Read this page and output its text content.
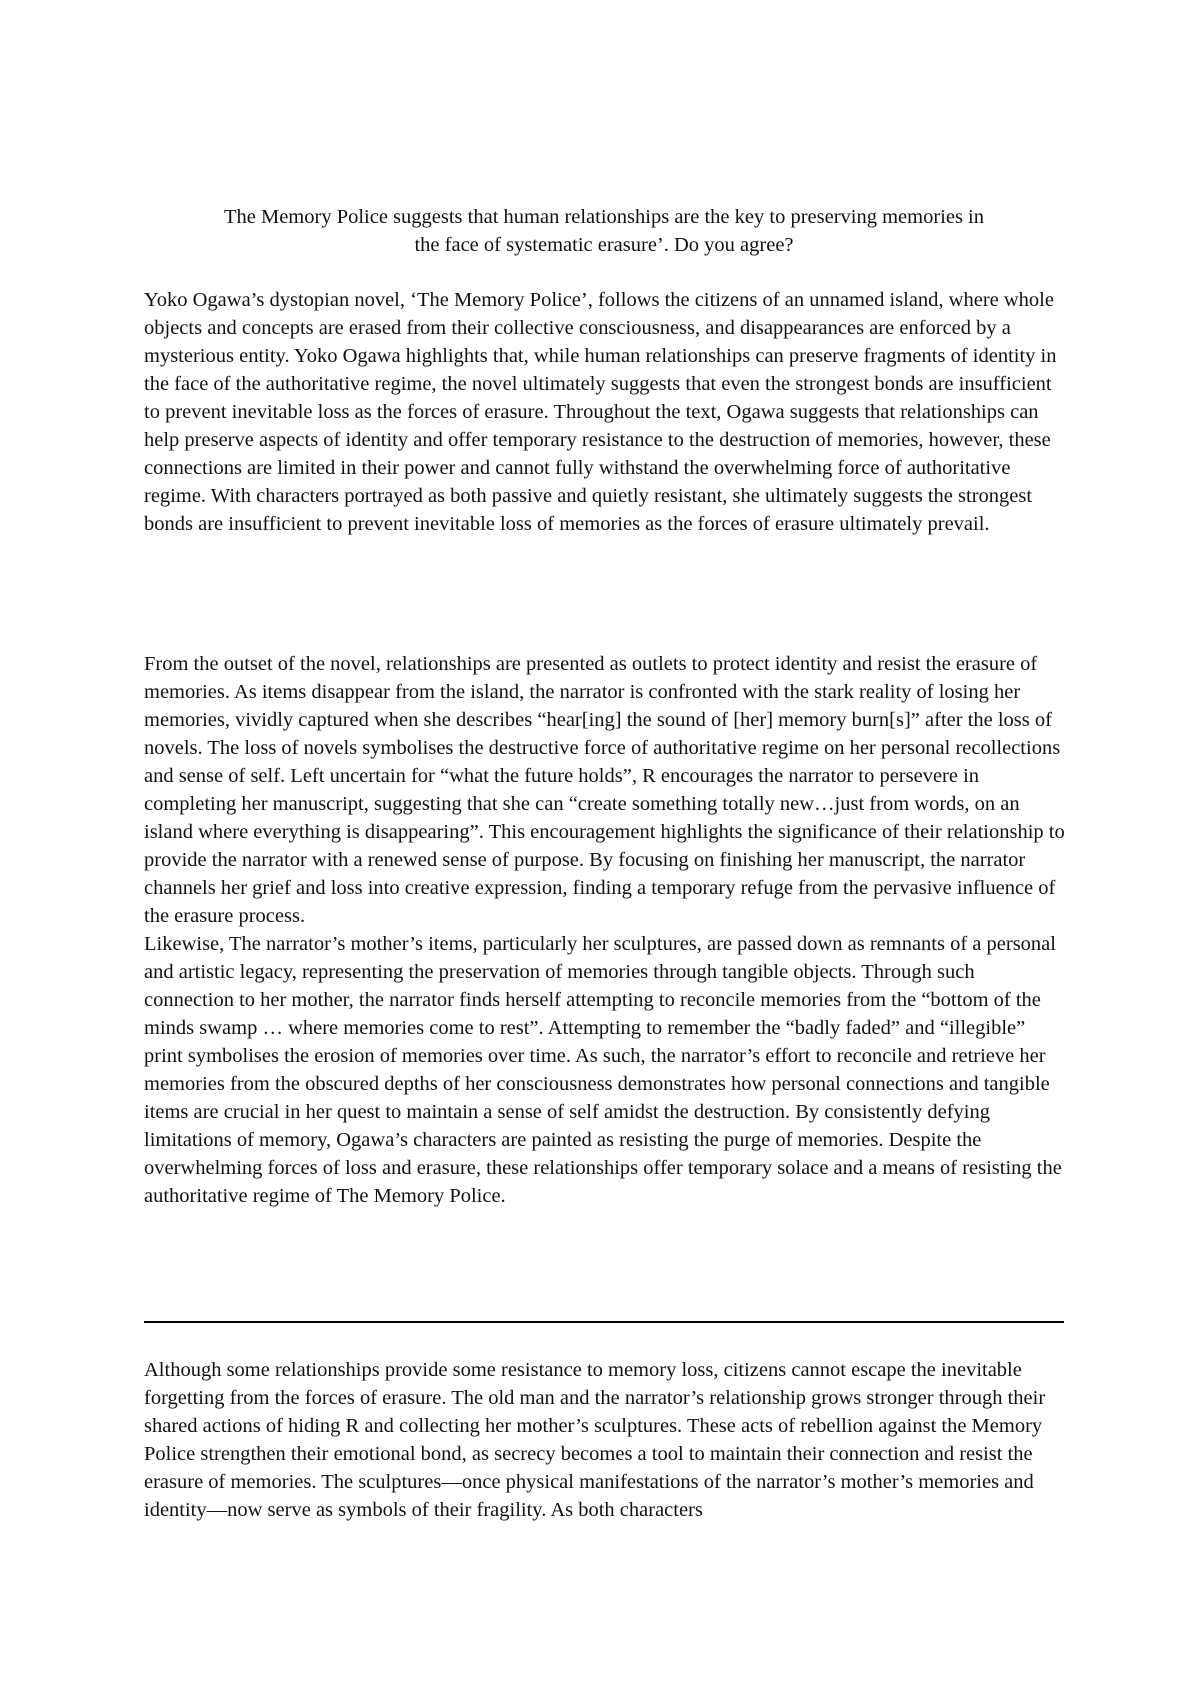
The Memory Police suggests that human relationships are the key to preserving memories in
the face of systematic erasure’. Do you agree?

Yoko Ogawa’s dystopian novel, ‘The Memory Police’, follows the citizens of an unnamed island, where whole objects and concepts are erased from their collective consciousness, and disappearances are enforced by a mysterious entity. Yoko Ogawa highlights that, while human relationships can preserve fragments of identity in the face of the authoritative regime, the novel ultimately suggests that even the strongest bonds are insufficient to prevent inevitable loss as the forces of erasure. Throughout the text, Ogawa suggests that relationships can help preserve aspects of identity and offer temporary resistance to the destruction of memories, however, these connections are limited in their power and cannot fully withstand the overwhelming force of authoritative regime. With characters portrayed as both passive and quietly resistant, she ultimately suggests the strongest bonds are insufficient to prevent inevitable loss of memories as the forces of erasure ultimately prevail.

From the outset of the novel, relationships are presented as outlets to protect identity and resist the erasure of memories. As items disappear from the island, the narrator is confronted with the stark reality of losing her memories, vividly captured when she describes “hear[ing] the sound of [her] memory burn[s]” after the loss of novels. The loss of novels symbolises the destructive force of authoritative regime on her personal recollections and sense of self. Left uncertain for “what the future holds”, R encourages the narrator to persevere in completing her manuscript, suggesting that she can “create something totally new…just from words, on an island where everything is disappearing”. This encouragement highlights the significance of their relationship to provide the narrator with a renewed sense of purpose. By focusing on finishing her manuscript, the narrator channels her grief and loss into creative expression, finding a temporary refuge from the pervasive influence of the erasure process.
Likewise, The narrator’s mother’s items, particularly her sculptures, are passed down as remnants of a personal and artistic legacy, representing the preservation of memories through tangible objects. Through such connection to her mother, the narrator finds herself attempting to reconcile memories from the “bottom of the minds swamp … where memories come to rest”. Attempting to remember the “badly faded” and “illegible” print symbolises the erosion of memories over time. As such, the narrator’s effort to reconcile and retrieve her memories from the obscured depths of her consciousness demonstrates how personal connections and tangible items are crucial in her quest to maintain a sense of self amidst the destruction. By consistently defying limitations of memory, Ogawa’s characters are painted as resisting the purge of memories. Despite the overwhelming forces of loss and erasure, these relationships offer temporary solace and a means of resisting the authoritative regime of The Memory Police.

Although some relationships provide some resistance to memory loss, citizens cannot escape the inevitable forgetting from the forces of erasure. The old man and the narrator’s relationship grows stronger through their shared actions of hiding R and collecting her mother’s sculptures. These acts of rebellion against the Memory Police strengthen their emotional bond, as secrecy becomes a tool to maintain their connection and resist the erasure of memories. The sculptures—once physical manifestations of the narrator’s mother’s memories and identity—now serve as symbols of their fragility. As both characters
